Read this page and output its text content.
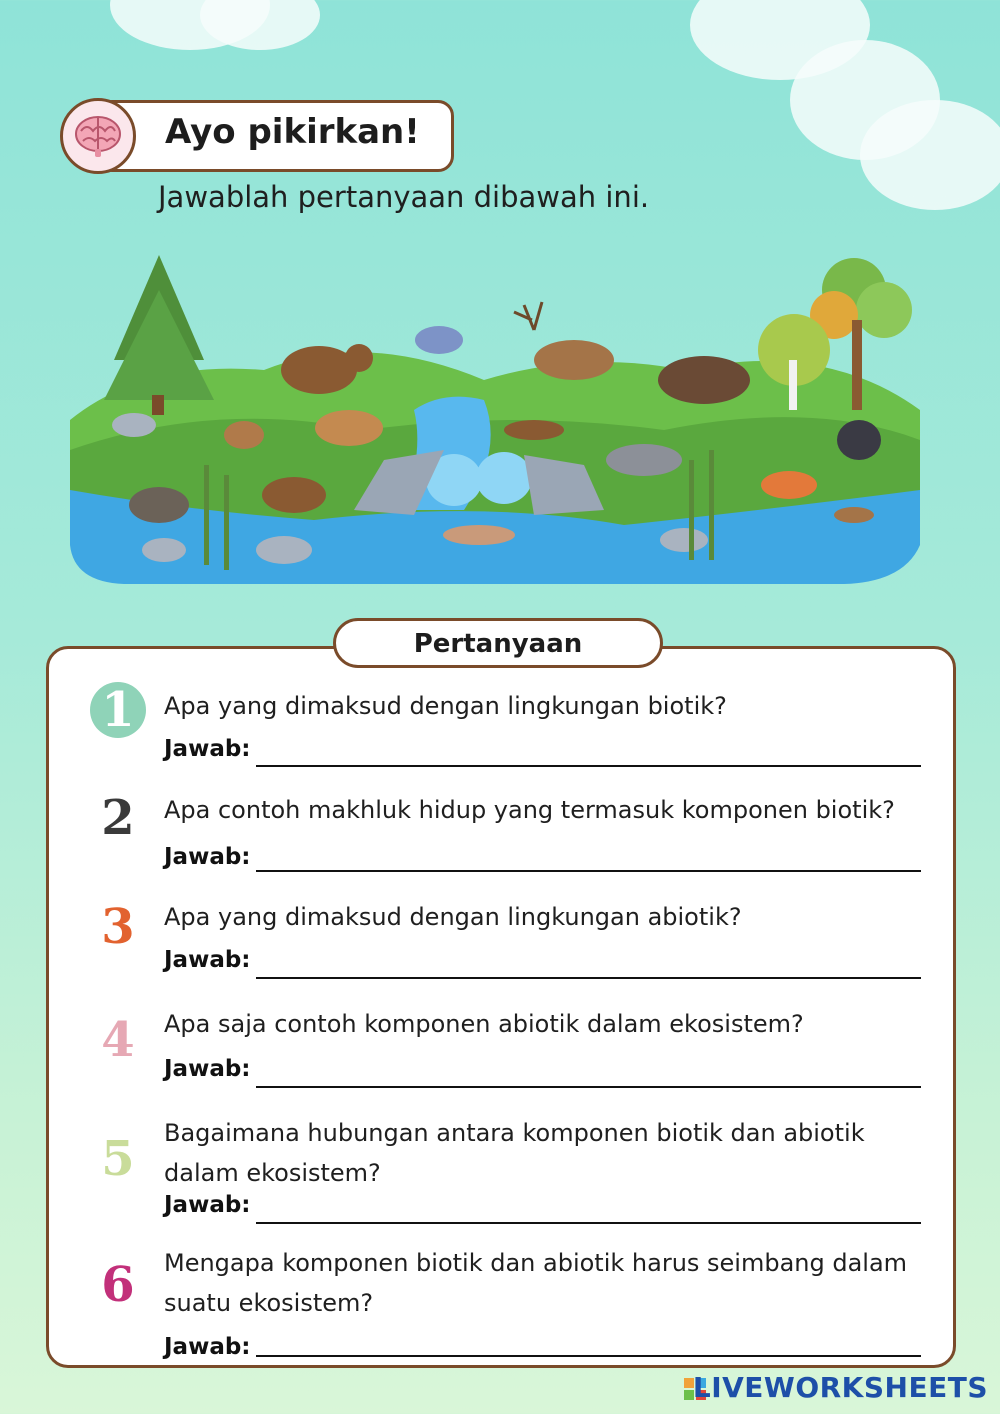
Ayo pikirkan!
Jawablah pertanyaan dibawah ini.
Pertanyaan
1	Apa yang dimaksud dengan lingkungan biotik?
Jawab:
2	Apa contoh makhluk hidup yang termasuk komponen biotik?
Jawab:
3	Apa yang dimaksud dengan lingkungan abiotik?
Jawab:
4	Apa saja contoh komponen abiotik dalam ekosistem?
Jawab:
5	Bagaimana hubungan antara komponen biotik dan abiotik dalam ekosistem?
Jawab:
6	Mengapa komponen biotik dan abiotik harus seimbang dalam suatu ekosistem?
Jawab:
LIVEWORKSHEETS
